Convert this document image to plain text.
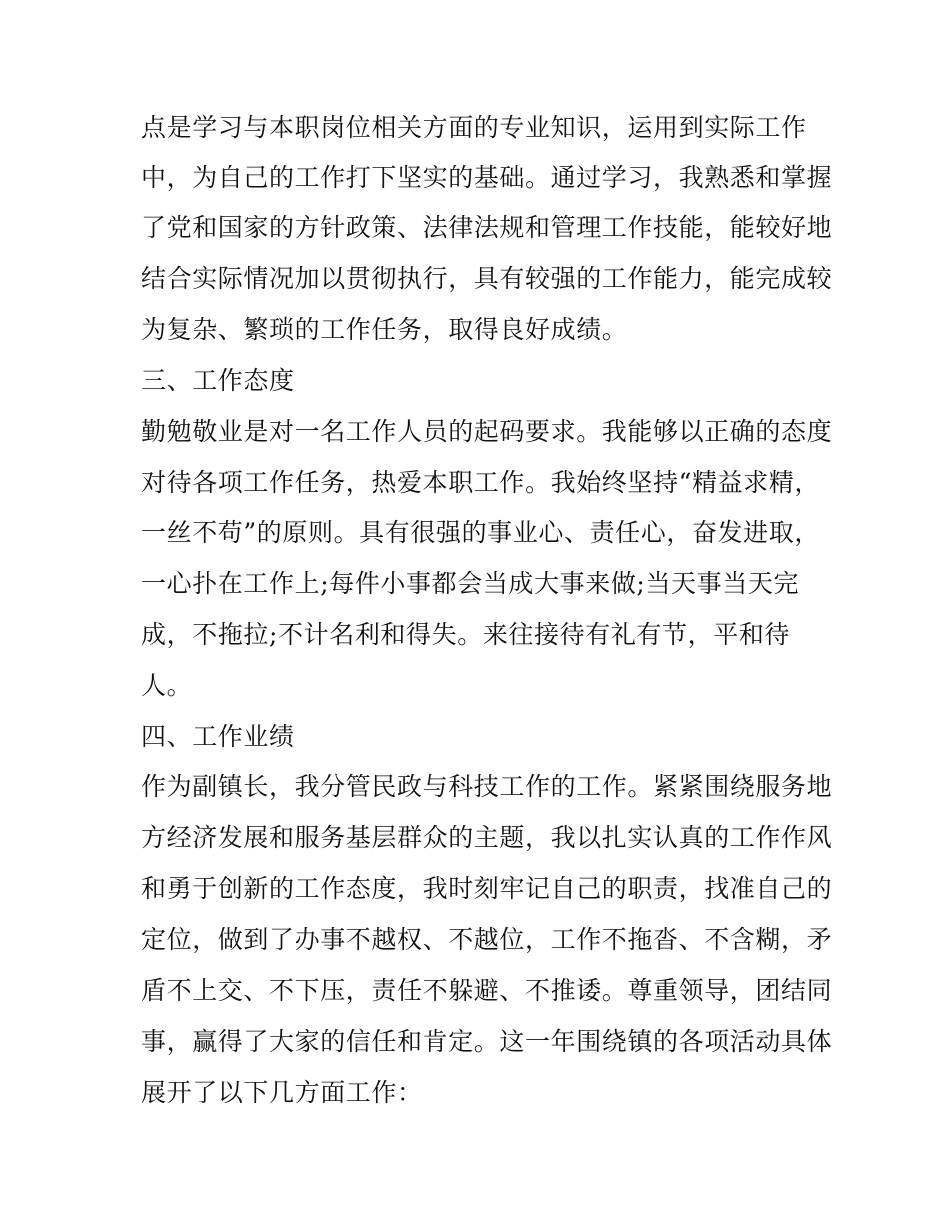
点是学习与本职岗位相关方面的专业知识，运用到实际工作
中，为自己的工作打下坚实的基础。通过学习，我熟悉和掌握
了党和国家的方针政策、法律法规和管理工作技能，能较好地
结合实际情况加以贯彻执行，具有较强的工作能力，能完成较
为复杂、繁琐的工作任务，取得良好成绩。
三、工作态度
勤勉敬业是对一名工作人员的起码要求。我能够以正确的态度
对待各项工作任务，热爱本职工作。我始终坚持“精益求精，
一丝不苟”的原则。具有很强的事业心、责任心，奋发进取，
一心扑在工作上;每件小事都会当成大事来做;当天事当天完
成，不拖拉;不计名利和得失。来往接待有礼有节，平和待
人。
四、工作业绩
作为副镇长，我分管民政与科技工作的工作。紧紧围绕服务地
方经济发展和服务基层群众的主题，我以扎实认真的工作作风
和勇于创新的工作态度，我时刻牢记自己的职责，找准自己的
定位，做到了办事不越权、不越位，工作不拖沓、不含糊，矛
盾不上交、不下压，责任不躲避、不推诿。尊重领导，团结同
事，赢得了大家的信任和肯定。这一年围绕镇的各项活动具体
展开了以下几方面工作：
